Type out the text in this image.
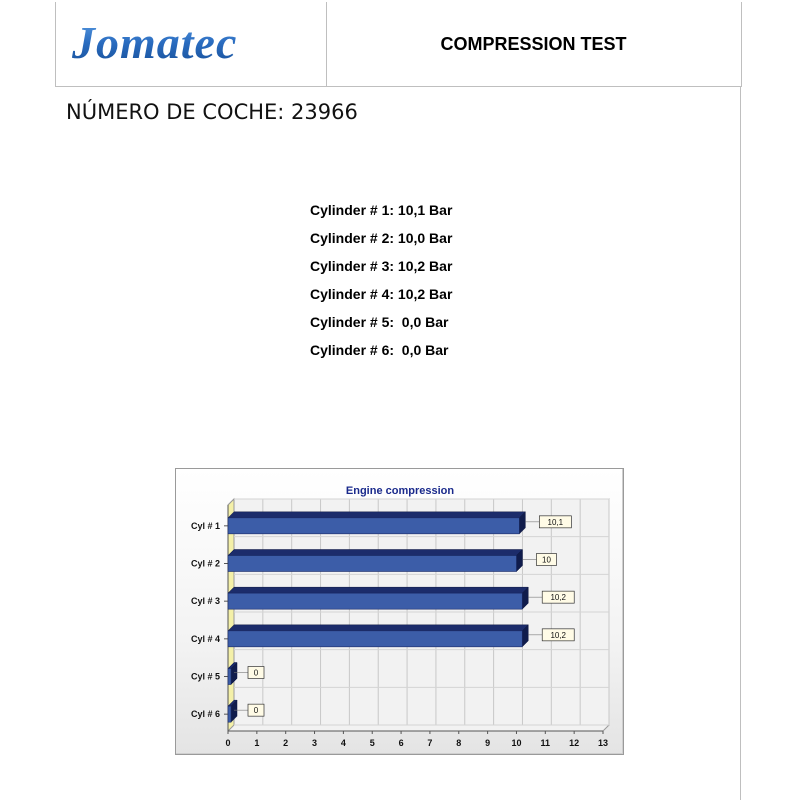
Jomatec	COMPRESSION TEST
NÚMERO DE COCHE: 23966
Cylinder # 1: 10,1 Bar
Cylinder # 2: 10,0 Bar
Cylinder # 3: 10,2 Bar
Cylinder # 4: 10,2 Bar
Cylinder # 5:  0,0 Bar
Cylinder # 6:  0,0 Bar
Engine compression
0	1	2	3	4	5	6	7	8	9 10 11 12 13
Cyl # 1	10,1
Cyl # 2	10
Cyl # 3	10,2
Cyl # 4	10,2
Cyl # 5	0
Cyl # 6	0
